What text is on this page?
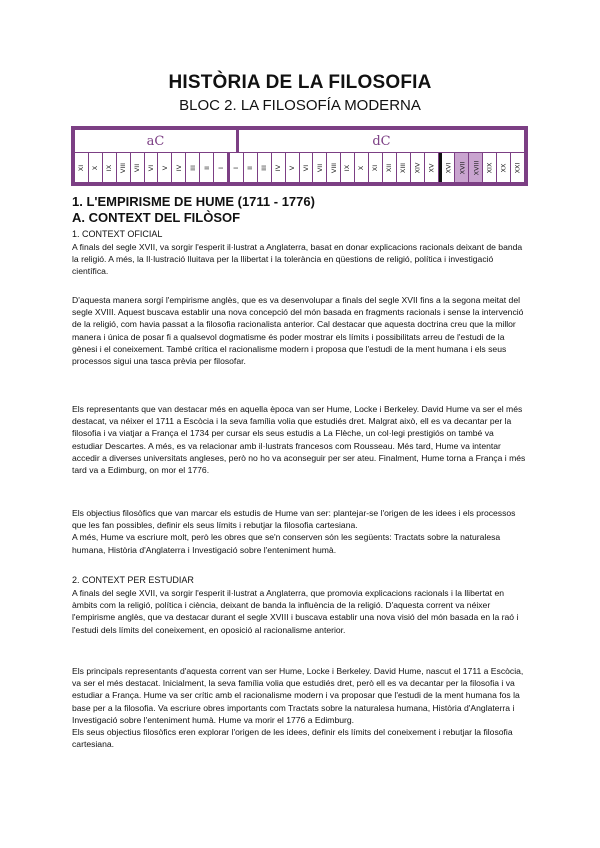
HISTÒRIA DE LA FILOSOFIA
BLOC 2. LA FILOSOFÍA MODERNA
aC	dC
XI X IX VIII VII VI V IV III II I I II III IV V VI VII VIII IX X XI XII XIII XIV XV XVI XVII XVIII XIX XX XXI
1. L'EMPIRISME DE HUME (1711 - 1776)
A. CONTEXT DEL FILÒSOF
1. CONTEXT OFICIAL

A finals del segle XVII, va sorgir l'esperit il·lustrat a Anglaterra, basat en donar explicacions racionals deixant de banda la religió. A més, la Il·lustració lluitava per la llibertat i la tolerància en qüestions de religió, política i investigació científica.

D'aquesta manera sorgí l'empirisme anglès, que es va desenvolupar a finals del segle XVII fins a la segona meitat del segle XVIII. Aquest buscava establir una nova concepció del món basada en fragments racionals i sense la intervenció de la religió, com havia passat a la filosofia racionalista anterior. Cal destacar que aquesta doctrina creu que la millor manera i única de posar fi a qualsevol dogmatisme és poder mostrar els límits i possibilitats arreu de l'estudi de la gènesi i el coneixement. També crítica el racionalisme modern i proposa que l'estudi de la ment humana i els seus processos sigui una tasca prèvia per filosofar.

Els representants que van destacar més en aquella època van ser Hume, Locke i Berkeley. David Hume va ser el més destacat, va néixer el 1711 a Escòcia i la seva família volia que estudiés dret. Malgrat això, ell es va decantar per la filosofia i va viatjar a França el 1734 per cursar els seus estudis a La Flèche, un col·legi prestigiós on també va estudiar Descartes. A més, es va relacionar amb il·lustrats francesos com Rousseau. Més tard, Hume va intentar accedir a diverses universitats angleses, però no ho va aconseguir per ser ateu. Finalment, Hume torna a França i més tard va a Edimburg, on mor el 1776.

Els objectius filosòfics que van marcar els estudis de Hume van ser: plantejar-se l'origen de les idees i els processos que les fan possibles, definir els seus límits i rebutjar la filosofia cartesiana.
A més, Hume va escriure molt, però les obres que se'n conserven són les següents: Tractats sobre la naturalesa humana, Història d'Anglaterra i Investigació sobre l'enteniment humà.

2. CONTEXT PER ESTUDIAR

A finals del segle XVII, va sorgir l'esperit il·lustrat a Anglaterra, que promovia explicacions racionals i la llibertat en àmbits com la religió, política i ciència, deixant de banda la influència de la religió. D'aquesta corrent va néixer l'empirisme anglès, que va destacar durant el segle XVIII i buscava establir una nova visió del món basada en la raó i l'estudi dels límits del coneixement, en oposició al racionalisme anterior.

Els principals representants d'aquesta corrent van ser Hume, Locke i Berkeley. David Hume, nascut el 1711 a Escòcia, va ser el més destacat. Inicialment, la seva família volia que estudiés dret, però ell es va decantar per la filosofia i va estudiar a França. Hume va ser crític amb el racionalisme modern i va proposar que l'estudi de la ment humana fos la base per a la filosofia. Va escriure obres importants com Tractats sobre la naturalesa humana, Història d'Anglaterra i Investigació sobre l'enteniment humà. Hume va morir el 1776 a Edimburg.
Els seus objectius filosòfics eren explorar l'origen de les idees, definir els límits del coneixement i rebutjar la filosofia cartesiana.
